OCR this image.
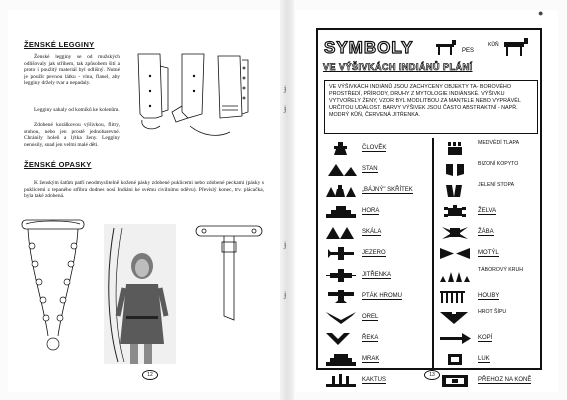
ŽENSKÉ LEGGINY
Ženské legginy se od mužských odlišovaly jak střihem, tak způsobem šití a proto i použitý materiál byl odlišný. Nutné je použít pevnou látku - vlnu, flanel, aby legginy držely tvar a nepadaly.
Legginy sahaly od kotníků ke kolenům.
Zdobené korálkovou výšivkou, flitry, stuhou, nebo jen prostě jednobarevné. Chránily holeň a lýtka ženy. Legginy nenosily, snad jen velmi malé děti.
ŽENSKÉ OPASKY
K ženským šatům patří neodmyslitelně kožené pásky zdobené puklicemi nebo zdobené peckami (pásky s puklicemi z tepaného stříbra dodnes nosí Indiáni ke svému civilnímu oděvu). Převislý konec, trv. plácačka, byla také zdobená.
12
ɉ
ɉ
ɉ
ɉ
SYMBOLY	PES
KŮŇ
VE VÝŠIVKÁCH INDIÁNŮ PLÁNÍ
VE VÝŠIVKÁCH INDIÁNŮ JSOU ZACHYCENY OBJEKTY TA- BOROVÉHO PROSTŘEDÍ, PŘÍRODY, DRUHY Z MYTOLOGIE INDIÁNSKÉ. VÝŠIVKU VYTVOŘELY ŽENY, VZOR BYL MODLITBOU ZA MANTELE NEBO VYPRÁVĚL URČITOU UDÁLOST. BARVY VÝŠIVEK JSOU ČASTO ABSTRAKTNÍ - NAPŘ. MODRÝ KŮŇ, ČERVENÁ JITŘENKA.
ČLOVĚK
STAN
„BÁJNÝ" SKŘÍTEK
HORA
SKÁLA
JEZERO
JITŘENKA
PTÁK HROMU
OREL
ŘEKA
MRAK
KAKTUS
MEDVĚDÍ TLAPA
BIZONÍ KOPYTO
JELENÍ STOPA
ŽELVA
ŽÁBA
MOTÝL
TÁBOROVÝ KRUH
HOUBY
HROT ŠÍPU
KOPÍ
LUK
PŘEHOZ NA KONĚ
13
●
